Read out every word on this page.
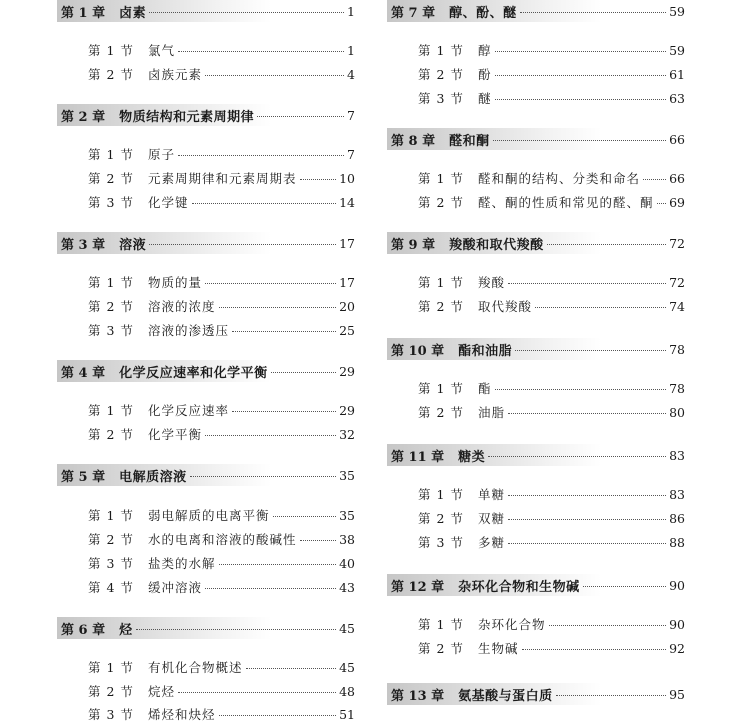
第 1 章 卤素	1
第 1 节	氯气	1
第 2 节	卤族元素	4
第 2 章 物质结构和元素周期律	7
第 1 节	原子	7
第 2 节	元素周期律和元素周期表	10
第 3 节	化学键	14
第 3 章 溶液	17
第 1 节	物质的量	17
第 2 节	溶液的浓度	20
第 3 节	溶液的渗透压	25
第 4 章 化学反应速率和化学平衡	29
第 1 节	化学反应速率	29
第 2 节	化学平衡	32
第 5 章 电解质溶液	35
第 1 节	弱电解质的电离平衡	35
第 2 节	水的电离和溶液的酸碱性	38
第 3 节	盐类的水解	40
第 4 节	缓冲溶液	43
第 6 章 烃	45
第 1 节	有机化合物概述	45
第 2 节	烷烃	48
第 3 节	烯烃和炔烃	51
第 7 章 醇、酚、醚	59
第 1 节	醇	59
第 2 节	酚	61
第 3 节	醚	63
第 8 章 醛和酮	66
第 1 节	醛和酮的结构、分类和命名 66
第 2 节	醛、酮的性质和常见的醛、酮 69
第 9 章 羧酸和取代羧酸	72
第 1 节	羧酸	72
第 2 节	取代羧酸	74
第 10 章 酯和油脂	78
第 1 节	酯	78
第 2 节	油脂	80
第 11 章 糖类	83
第 1 节	单糖	83
第 2 节	双糖	86
第 3 节	多糖	88
第 12 章 杂环化合物和生物碱	90
第 1 节	杂环化合物	90
第 2 节	生物碱	92
第 13 章 氨基酸与蛋白质	95
